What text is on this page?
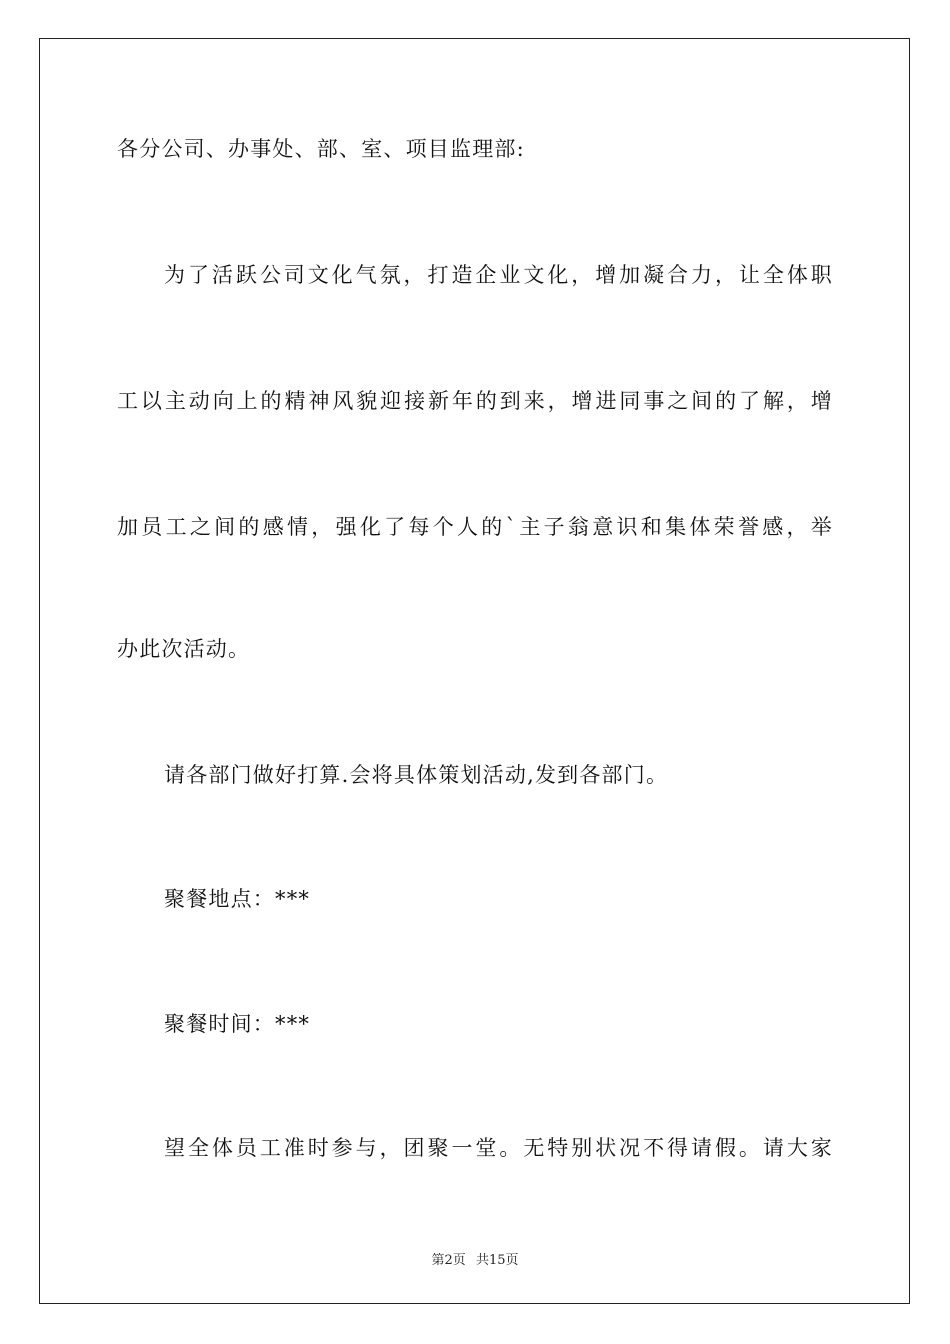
各分公司、办事处、部、室、项目监理部:
为了活跃公司文化气氛，打造企业文化，增加凝合力，让全体职
工以主动向上的精神风貌迎接新年的到来，增进同事之间的了解，增
加员工之间的感情，强化了每个人的`主子翁意识和集体荣誉感，举
办此次活动。
请各部门做好打算.会将具体策划活动,发到各部门。
聚餐地点：***
聚餐时间：***
望全体员工准时参与，团聚一堂。无特别状况不得请假。请大家
第2页 共15页
